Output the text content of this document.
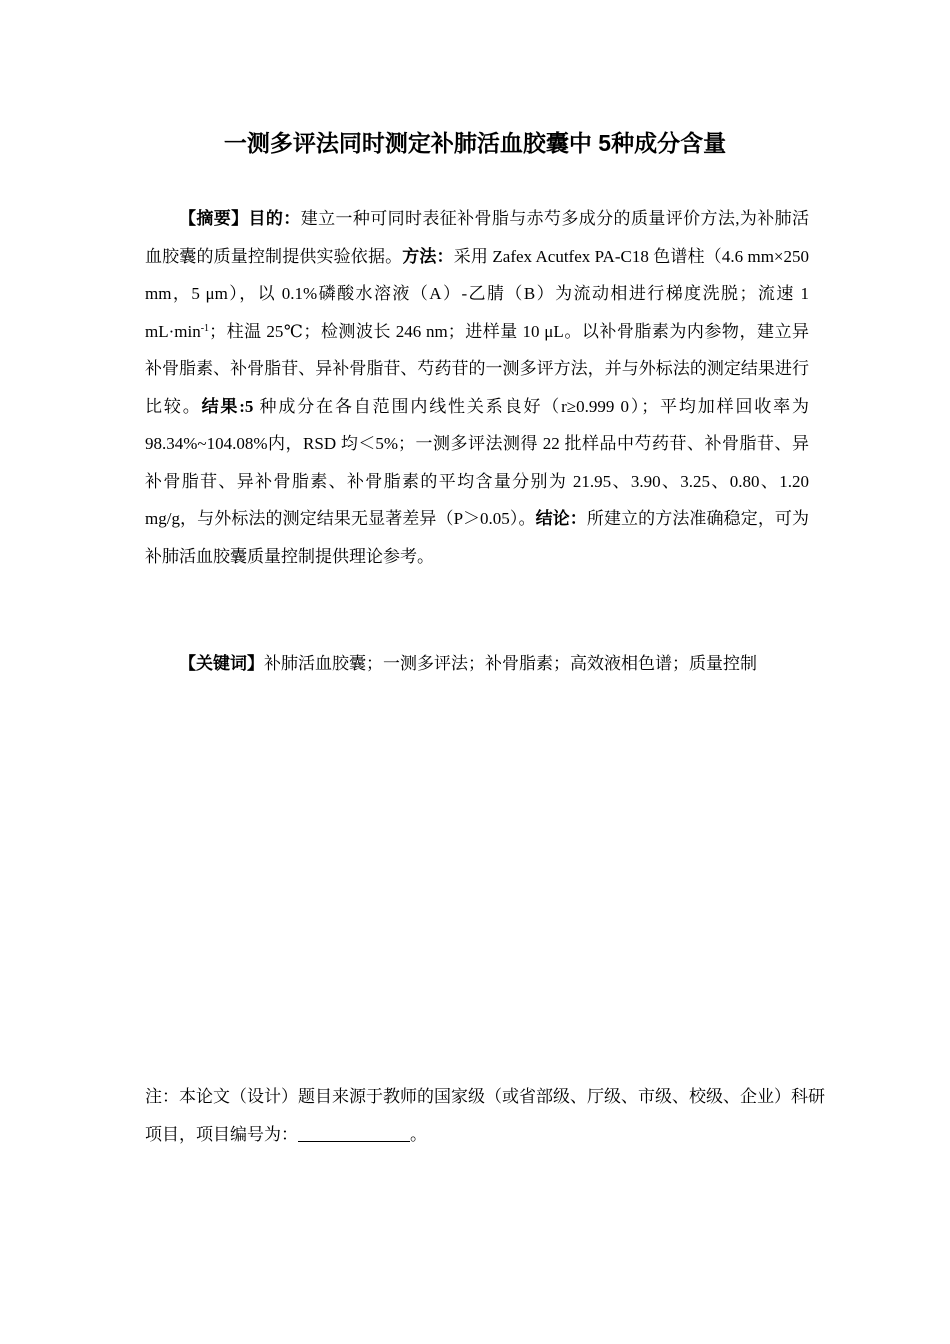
一测多评法同时测定补肺活血胶囊中 5种成分含量

【摘要】目的：建立一种可同时表征补骨脂与赤芍多成分的质量评价方法,为补肺活血胶囊的质量控制提供实验依据。方法：采用 Zafex Acutfex PA-C18 色谱柱（4.6 mm×250 mm，5 μm），以 0.1%磷酸水溶液（A）-乙腈（B）为流动相进行梯度洗脱；流速 1 $mL\cdot\min^{-1}$；柱温 25℃；检测波长 246 nm；进样量 10 μL。以补骨脂素为内参物，建立异补骨脂素、补骨脂苷、异补骨脂苷、芍药苷的一测多评方法，并与外标法的测定结果进行比较。结果:5 种成分在各自范围内线性关系良好（r≥0.999 0）；平均加样回收率为 98.34%~104.08%内，RSD 均＜5%；一测多评法测得 22 批样品中芍药苷、补骨脂苷、异补骨脂苷、异补骨脂素、补骨脂素的平均含量分别为 21.95、3.90、3.25、0.80、1.20 mg/g，与外标法的测定结果无显著差异（P＞0.05）。结论：所建立的方法准确稳定，可为补肺活血胶囊质量控制提供理论参考。

【关键词】补肺活血胶囊；一测多评法；补骨脂素；高效液相色谱；质量控制

注：本论文（设计）题目来源于教师的国家级（或省部级、厅级、市级、校级、企业）科研项目，项目编号为：	。
